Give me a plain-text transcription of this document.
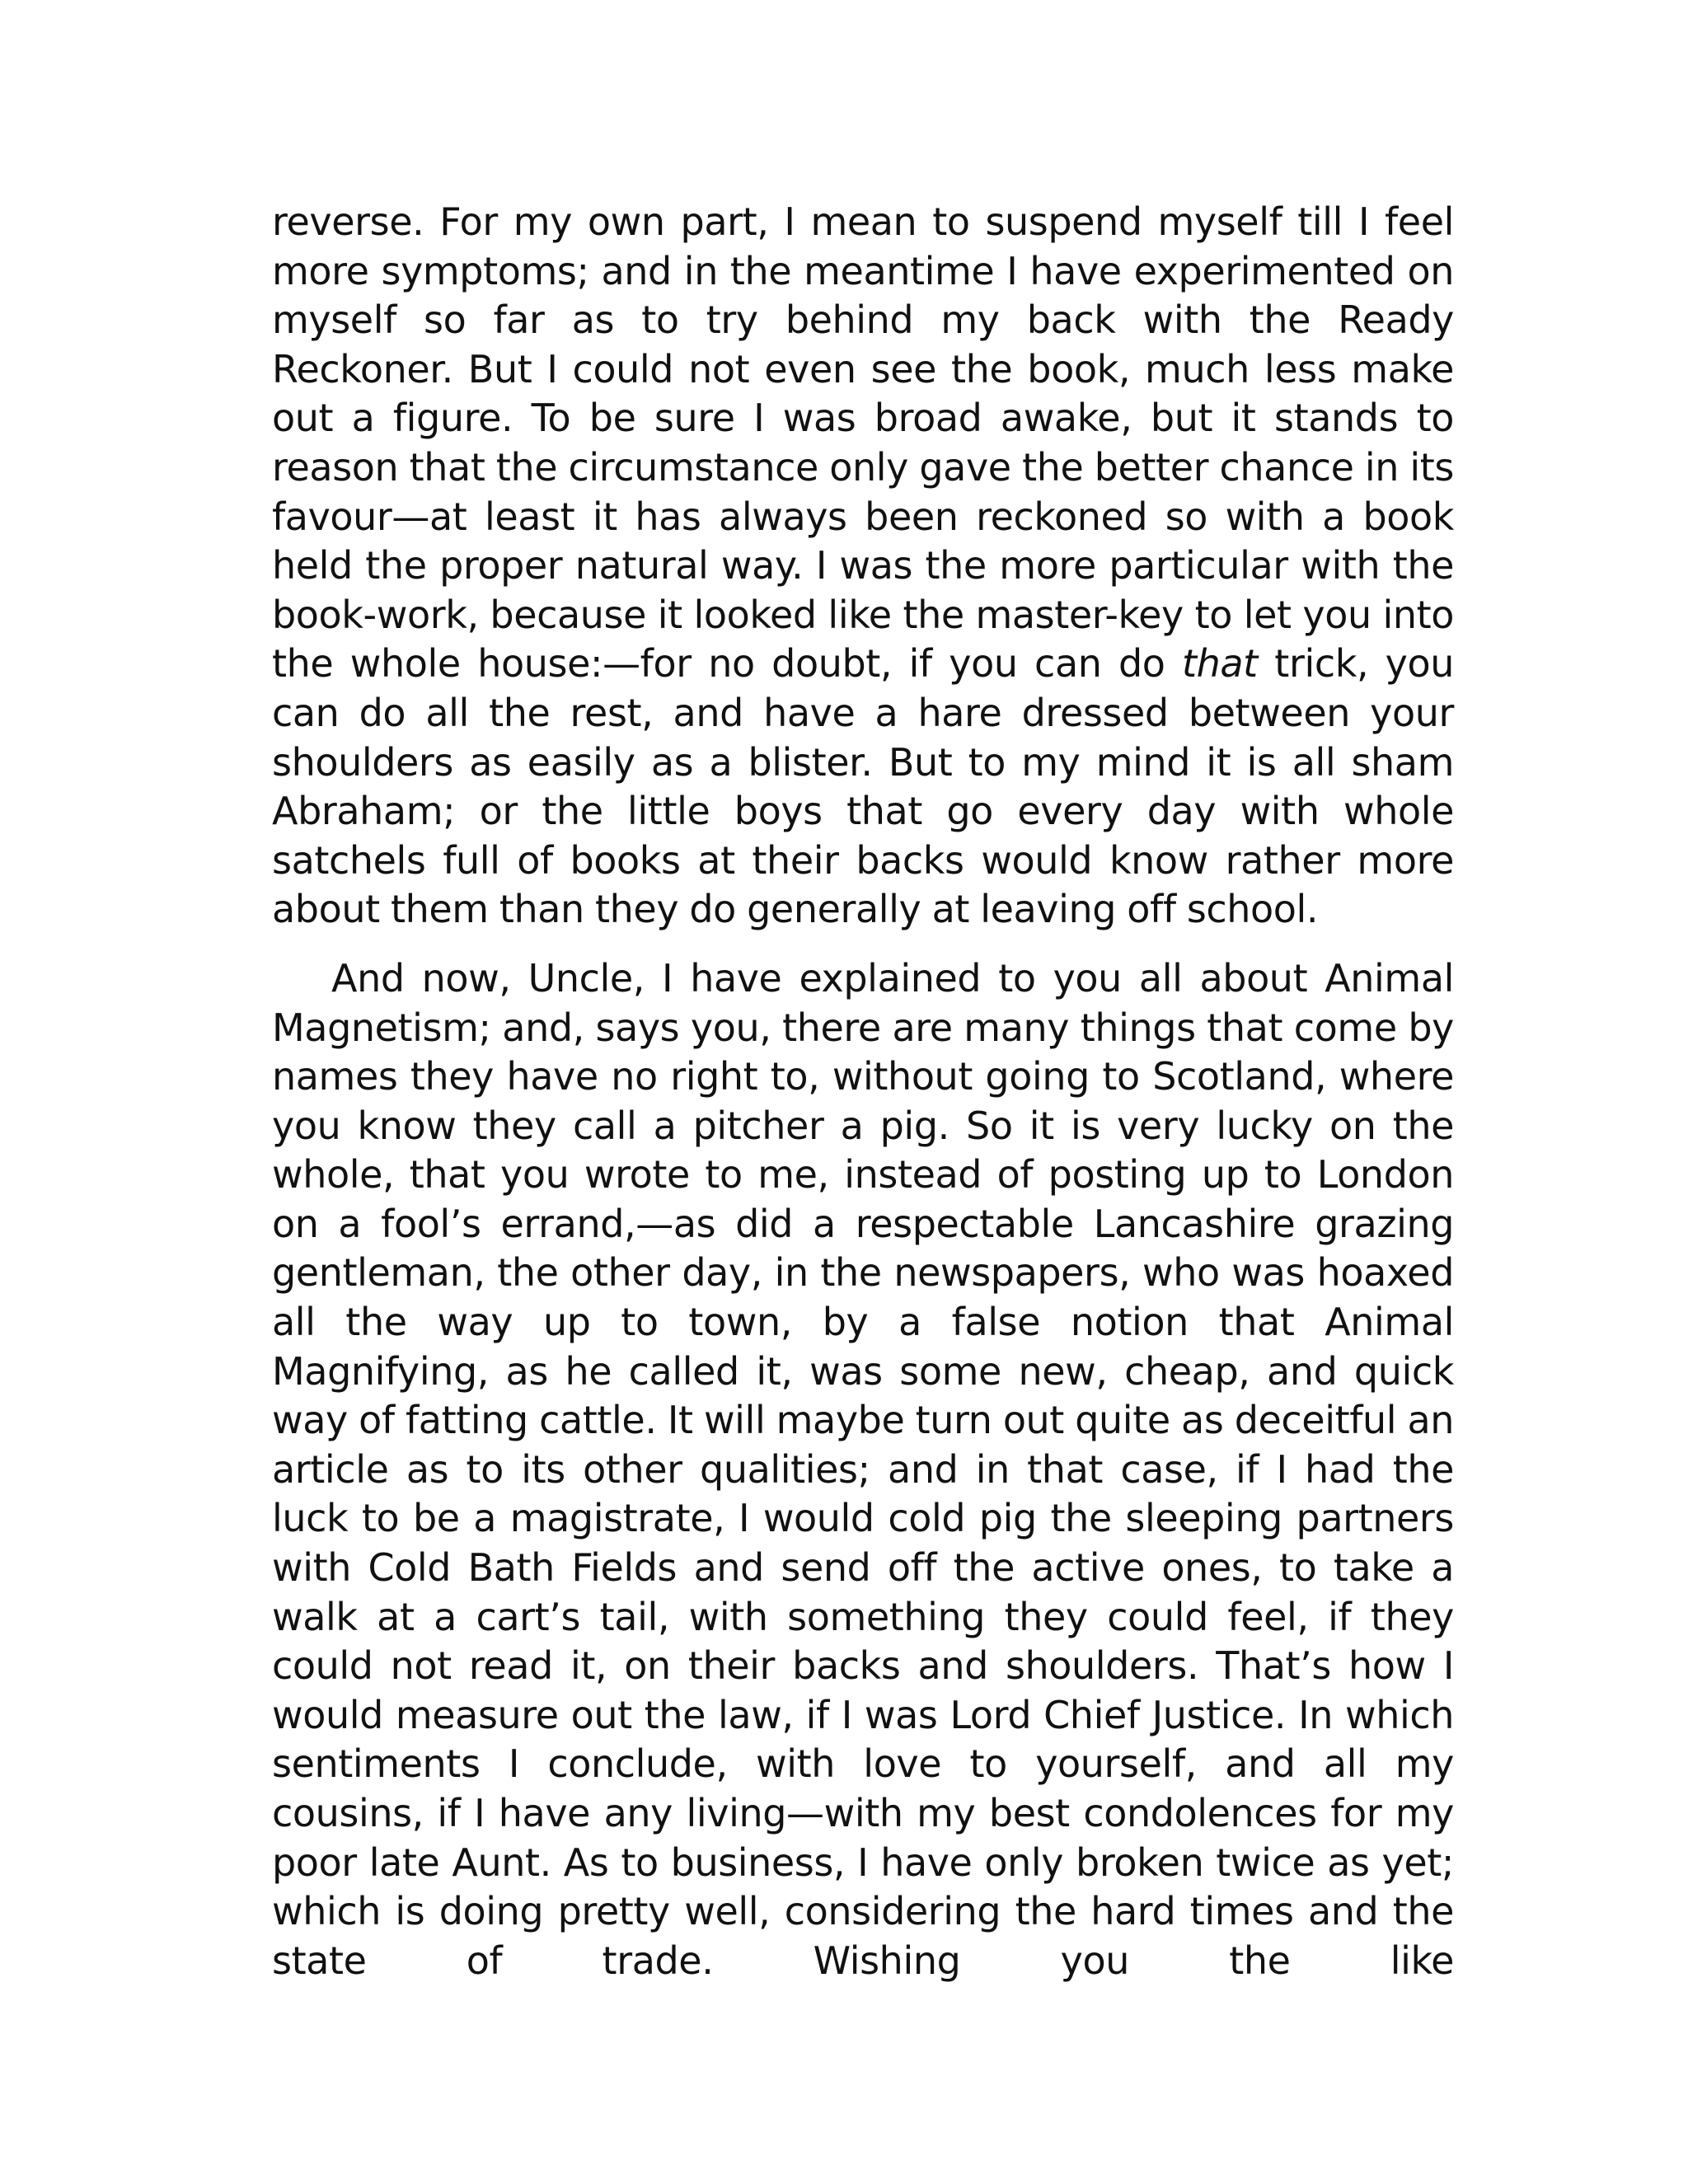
reverse. For my own part, I mean to suspend myself till I feel more symptoms; and in the meantime I have experimented on myself so far as to try behind my back with the Ready Reckoner. But I could not even see the book, much less make out a figure. To be sure I was broad awake, but it stands to reason that the circumstance only gave the better chance in its favour—at least it has always been reckoned so with a book held the proper natural way. I was the more particular with the book-work, because it looked like the master-key to let you into the whole house:—for no doubt, if you can do that trick, you can do all the rest, and have a hare dressed between your shoulders as easily as a blister. But to my mind it is all sham Abraham; or the little boys that go every day with whole satchels full of books at their backs would know rather more about them than they do generally at leaving off school.

And now, Uncle, I have explained to you all about Animal Magnetism; and, says you, there are many things that come by names they have no right to, without going to Scotland, where you know they call a pitcher a pig. So it is very lucky on the whole, that you wrote to me, instead of posting up to London on a fool’s errand,—as did a respectable Lancashire grazing gentleman, the other day, in the newspapers, who was hoaxed all the way up to town, by a false notion that Animal Magnifying, as he called it, was some new, cheap, and quick way of fatting cattle. It will maybe turn out quite as deceitful an article as to its other qualities; and in that case, if I had the luck to be a magistrate, I would cold pig the sleeping partners with Cold Bath Fields and send off the active ones, to take a walk at a cart’s tail, with something they could feel, if they could not read it, on their backs and shoulders. That’s how I would measure out the law, if I was Lord Chief Justice. In which sentiments I conclude, with love to yourself, and all my cousins, if I have any living—with my best condolences for my poor late Aunt. As to business, I have only broken twice as yet; which is doing pretty well, considering the hard times and the state of trade. Wishing you the like
